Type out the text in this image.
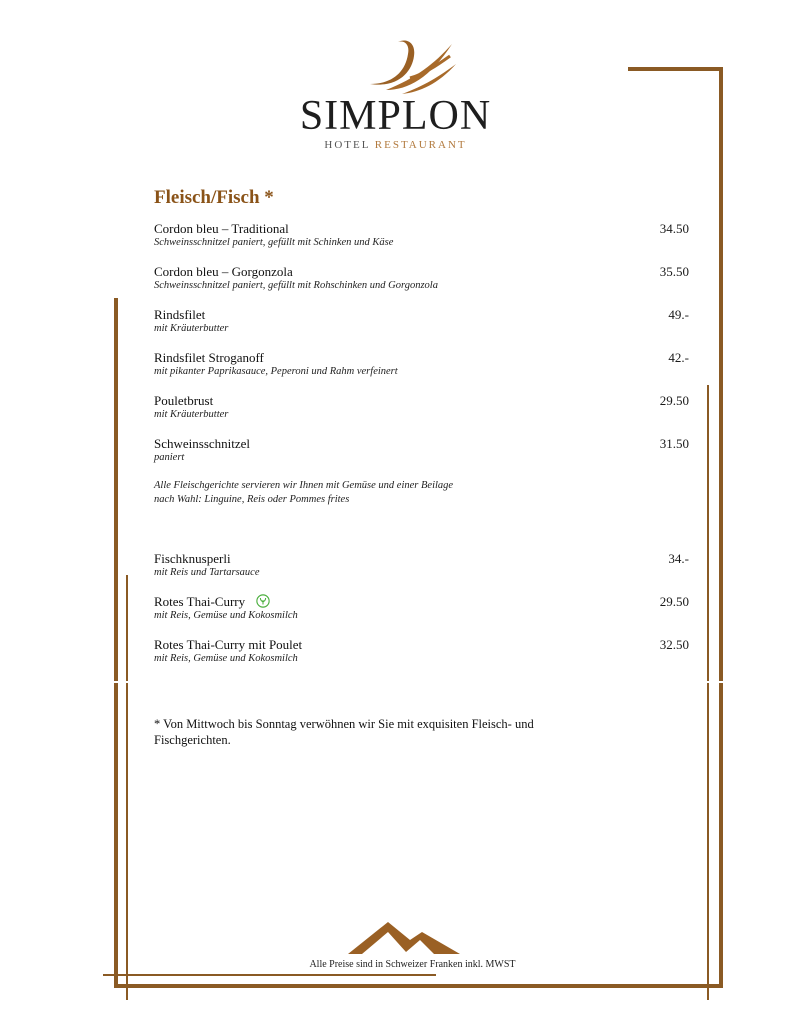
SIMPLON
HOTEL RESTAURANT
Fleisch/Fisch *
Cordon bleu – Traditional
Schweinsschnitzel paniert, gefüllt mit Schinken und Käse
34.50
Cordon bleu – Gorgonzola
Schweinsschnitzel paniert, gefüllt mit Rohschinken und Gorgonzola
35.50
Rindsfilet
mit Kräuterbutter
49.-
Rindsfilet Stroganoff
mit pikanter Paprikasauce, Peperoni und Rahm verfeinert
42.-
Pouletbrust
mit Kräuterbutter
29.50
Schweinsschnitzel
paniert
31.50
Alle Fleischgerichte servieren wir Ihnen mit Gemüse und einer Beilage
nach Wahl: Linguine, Reis oder Pommes frites
Fischknusperli
mit Reis und Tartarsauce
34.-
Rotes Thai-Curry
mit Reis, Gemüse und Kokosmilch
29.50
Rotes Thai-Curry mit Poulet
mit Reis, Gemüse und Kokosmilch
32.50
* Von Mittwoch bis Sonntag verwöhnen wir Sie mit exquisiten Fleisch- und Fischgerichten.
Alle Preise sind in Schweizer Franken inkl. MWST
